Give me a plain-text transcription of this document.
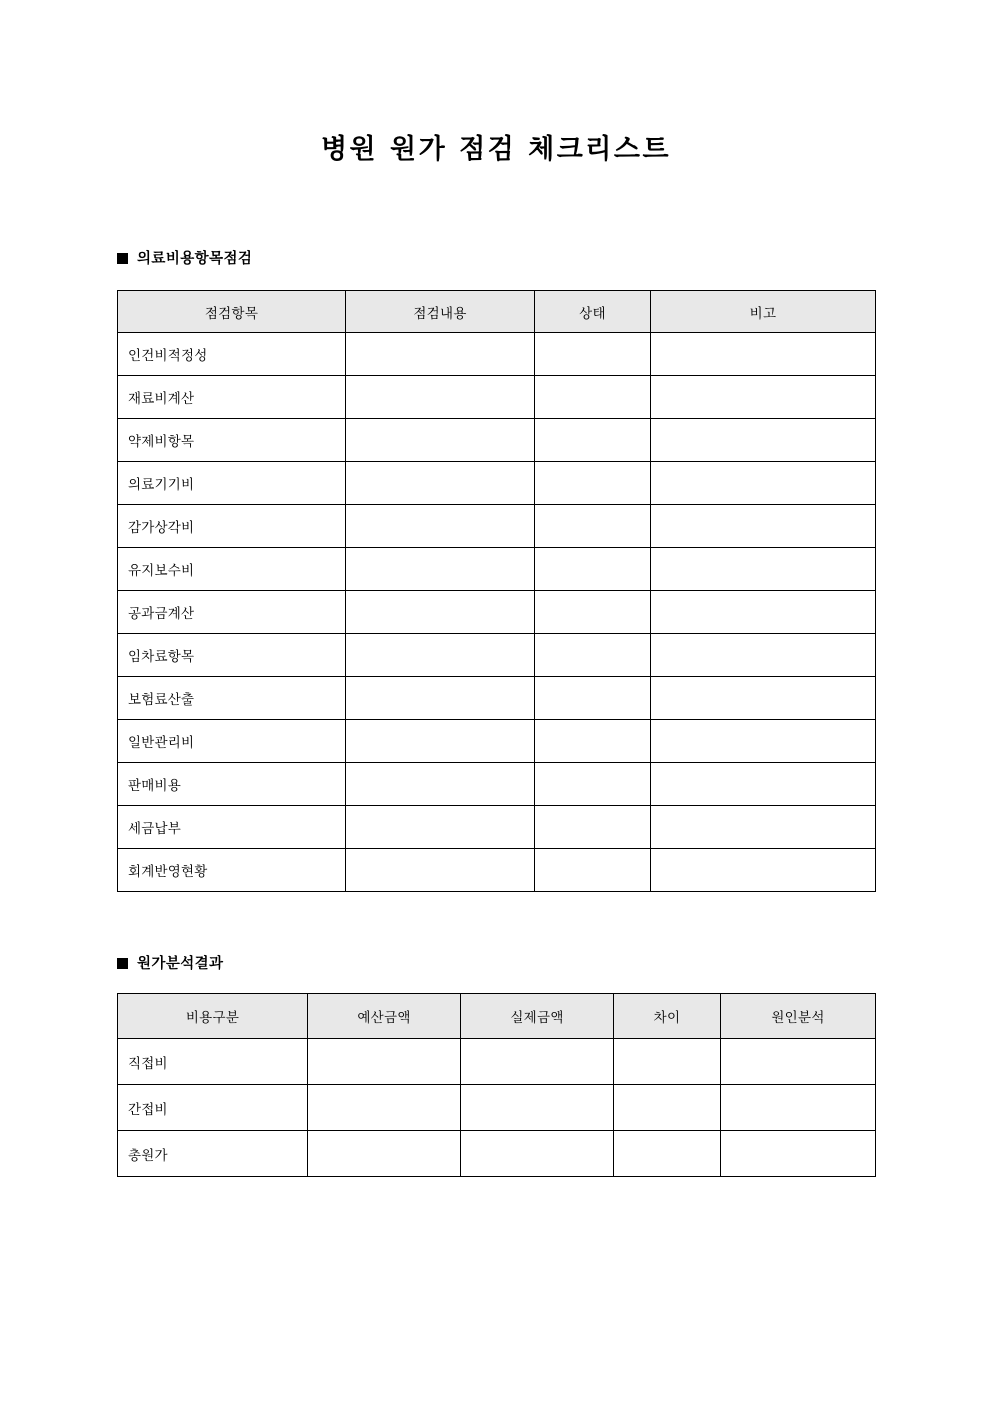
병원 원가 점검 체크리스트
의료비용항목점검
점검항목	점검내용	상태	비고
인건비적정성			
재료비계산			
약제비항목			
의료기기비			
감가상각비			
유지보수비			
공과금계산			
임차료항목			
보험료산출			
일반관리비			
판매비용			
세금납부			
회계반영현황			
원가분석결과
비용구분	예산금액	실제금액	차이	원인분석
직접비				
간접비				
총원가				
